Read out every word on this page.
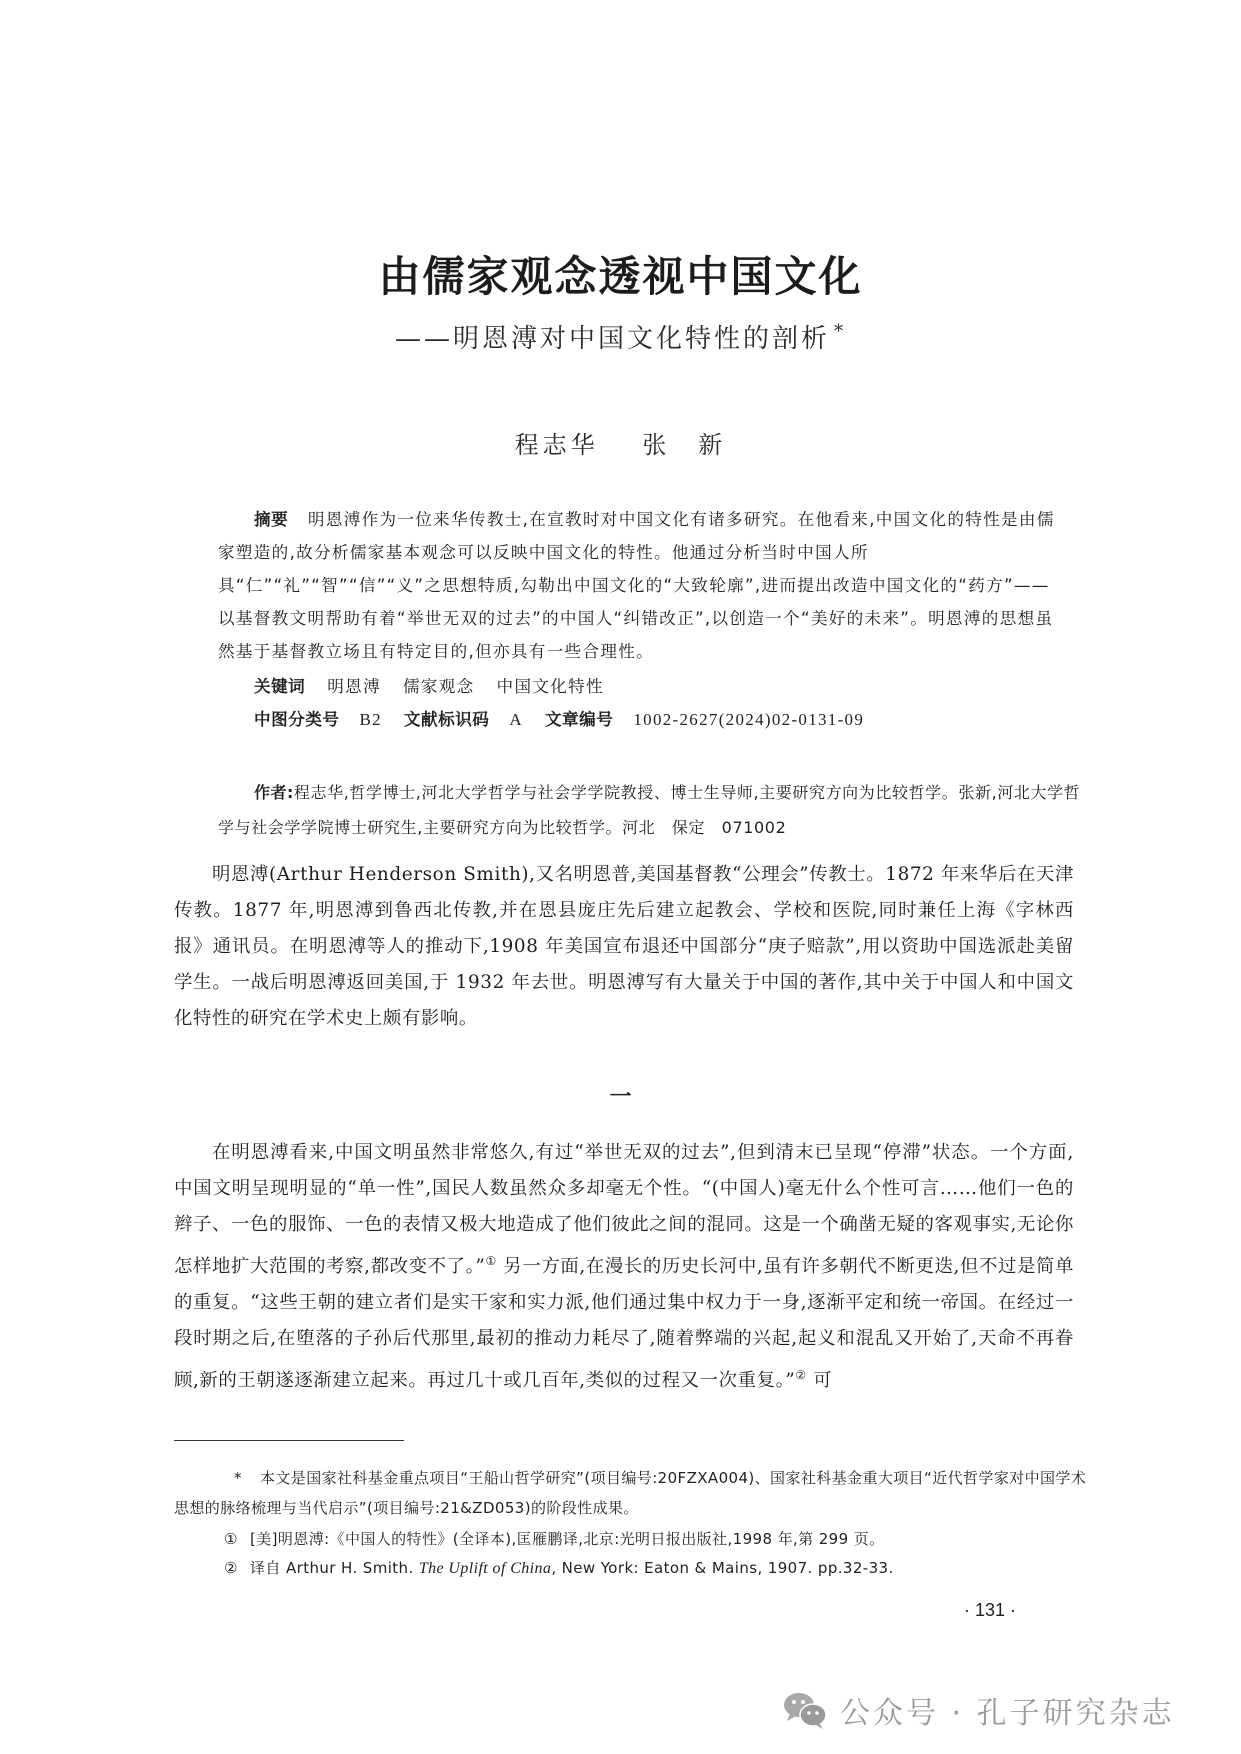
由儒家观念透视中国文化
——明恩溥对中国文化特性的剖析 *
程志华 张　新
摘要 明恩溥作为一位来华传教士,在宣教时对中国文化有诸多研究。在他看来,中国文化的特性是由儒家塑造的,故分析儒家基本观念可以反映中国文化的特性。他通过分析当时中国人所具“仁”“礼”“智”“信”“义”之思想特质,勾勒出中国文化的“大致轮廓”,进而提出改造中国文化的“药方”——以基督教文明帮助有着“举世无双的过去”的中国人“纠错改正”,以创造一个“美好的未来”。明恩溥的思想虽然基于基督教立场且有特定目的,但亦具有一些合理性。
关键词 明恩溥 儒家观念 中国文化特性
中图分类号 B2 文献标识码 A 文章编号 1002-2627(2024)02-0131-09
作者:程志华,哲学博士,河北大学哲学与社会学学院教授、博士生导师,主要研究方向为比较哲学。张新,河北大学哲学与社会学学院博士研究生,主要研究方向为比较哲学。河北　保定　071002
明恩溥(Arthur Henderson Smith),又名明恩普,美国基督教“公理会”传教士。1872 年来华后在天津传教。1877 年,明恩溥到鲁西北传教,并在恩县庞庄先后建立起教会、学校和医院,同时兼任上海《字林西报》通讯员。在明恩溥等人的推动下,1908 年美国宣布退还中国部分“庚子赔款”,用以资助中国选派赴美留学生。一战后明恩溥返回美国,于 1932 年去世。明恩溥写有大量关于中国的著作,其中关于中国人和中国文化特性的研究在学术史上颇有影响。
一
在明恩溥看来,中国文明虽然非常悠久,有过“举世无双的过去”,但到清末已呈现“停滞”状态。一个方面,中国文明呈现明显的“单一性”,国民人数虽然众多却毫无个性。“(中国人)毫无什么个性可言……他们一色的辫子、一色的服饰、一色的表情又极大地造成了他们彼此之间的混同。这是一个确凿无疑的客观事实,无论你怎样地扩大范围的考察,都改变不了。”① 另一方面,在漫长的历史长河中,虽有许多朝代不断更迭,但不过是简单的重复。“这些王朝的建立者们是实干家和实力派,他们通过集中权力于一身,逐渐平定和统一帝国。在经过一段时期之后,在堕落的子孙后代那里,最初的推动力耗尽了,随着弊端的兴起,起义和混乱又开始了,天命不再眷顾,新的王朝遂逐渐建立起来。再过几十或几百年,类似的过程又一次重复。”② 可
* 本文是国家社科基金重点项目“王船山哲学研究”(项目编号:20FZXA004)、国家社科基金重大项目“近代哲学家对中国学术思想的脉络梳理与当代启示”(项目编号:21&ZD053)的阶段性成果。
① [美]明恩溥:《中国人的特性》(全译本),匡雁鹏译,北京:光明日报出版社,1998 年,第 299 页。
② 译自 Arthur H. Smith. The Uplift of China, New York: Eaton & Mains, 1907. pp.32-33.
· 131 ·
公众号 · 孔子研究杂志
